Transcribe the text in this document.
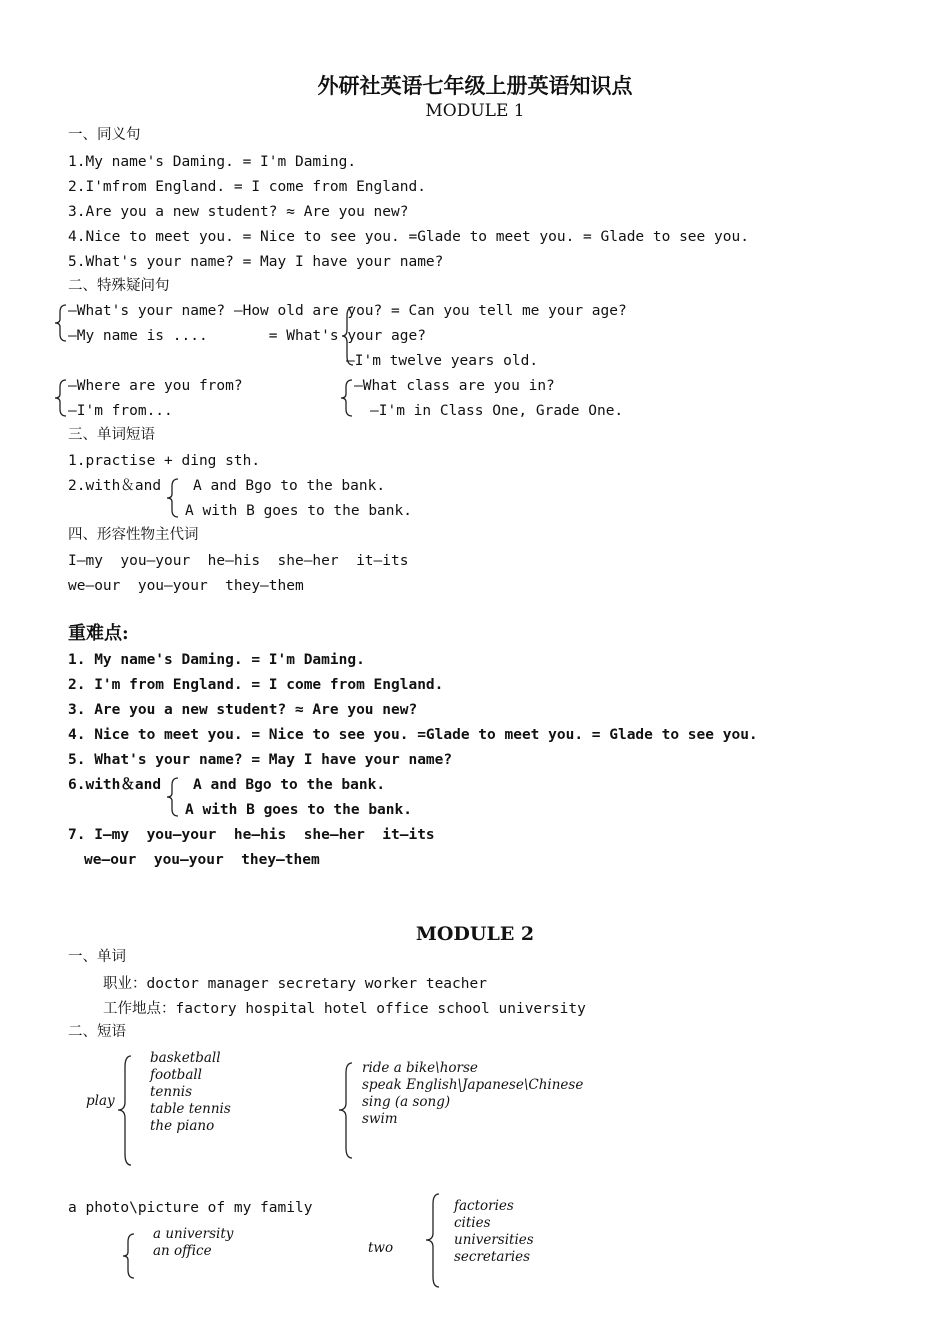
外研社英语七年级上册英语知识点
MODULE 1
一、同义句
1.My name's Daming. = I'm Daming.
2.I'mfrom England. = I come from England.
3.Are you a new student? ≈ Are you new?
4.Nice to meet you. = Nice to see you. =Glade to meet you. = Glade to see you.
5.What's your name? = May I have your name?
二、特殊疑问句
—What's your name? —How old are you? = Can you tell me your age?
—My name is ....       = What's your age?
—I'm twelve years old.
—Where are you from?
—I'm from...
—What class are you in?
—I'm in Class One, Grade One.
三、单词短语
1.practise + ding sth.
2.with＆and A and Bgo to the bank.
A with B goes to the bank.
四、形容性物主代词
I—my  you—your  he—his  she—her  it—its
we—our  you—your  they—them
重难点:
1. My name's Daming. = I'm Daming.
2. I'm from England. = I come from England.
3. Are you a new student? ≈ Are you new?
4. Nice to meet you. = Nice to see you. =Glade to meet you. = Glade to see you.
5. What's your name? = May I have your name?
6.with＆and A and Bgo to the bank.
A with B goes to the bank.
7. I—my  you—your  he—his  she—her  it—its
we—our  you—your  they—them
MODULE 2
一、单词
职业：doctor manager secretary worker teacher
工作地点：factory hospital hotel office school university
二、短语
play
basketball
football
tennis
table tennis
the piano
ride a bike\horse
speak English\Japanese\Chinese
sing (a song)
swim
a photo\picture of my family
a university
an office	two
factories
cities
universities
secretaries
